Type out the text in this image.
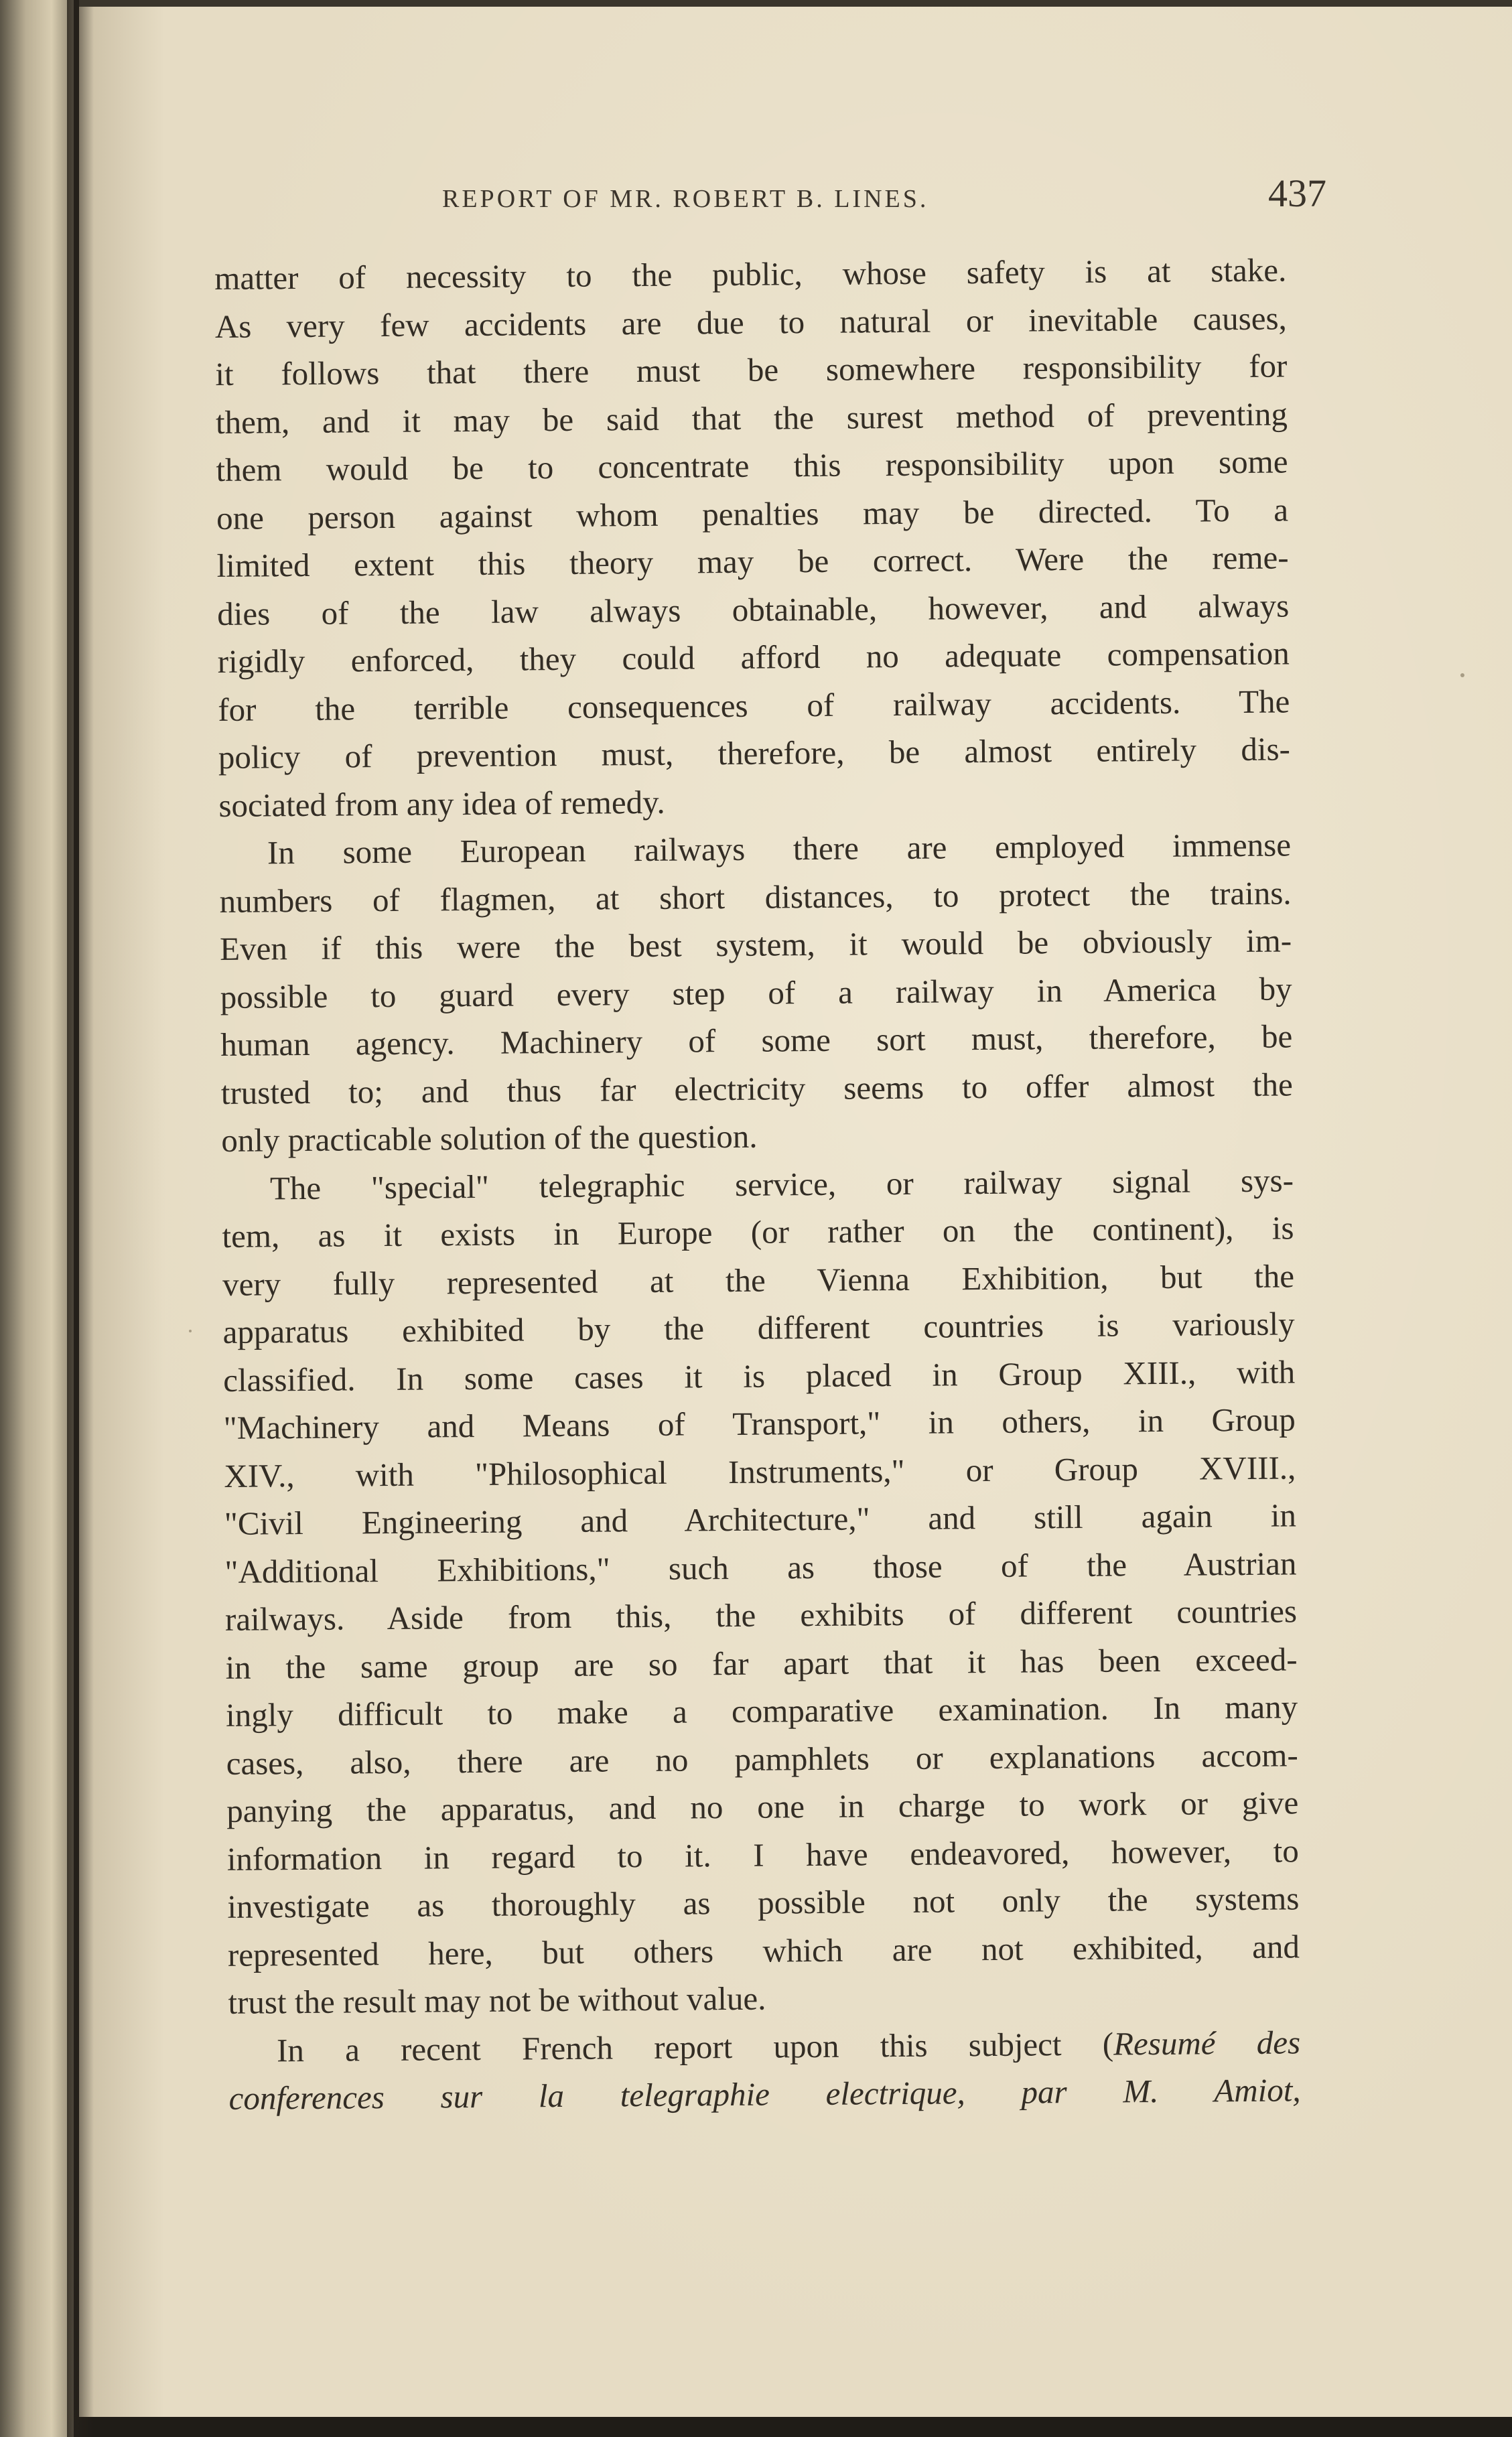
REPORT OF MR. ROBERT B. LINES.	437
matter of necessity to the public, whose safety is at stake.
As very few accidents are due to natural or inevitable causes,
it follows that there must be somewhere responsibility for
them, and it may be said that the surest method of preventing
them would be to concentrate this responsibility upon some
one person against whom penalties may be directed. To a
limited extent this theory may be correct. Were the reme-
dies of the law always obtainable, however, and always
rigidly enforced, they could afford no adequate compensation
for the terrible consequences of railway accidents. The
policy of prevention must, therefore, be almost entirely dis-
sociated from any idea of remedy.
In some European railways there are employed immense
numbers of flagmen, at short distances, to protect the trains.
Even if this were the best system, it would be obviously im-
possible to guard every step of a railway in America by
human agency. Machinery of some sort must, therefore, be
trusted to; and thus far electricity seems to offer almost the
only practicable solution of the question.
The "special" telegraphic service, or railway signal sys-
tem, as it exists in Europe (or rather on the continent), is
very fully represented at the Vienna Exhibition, but the
apparatus exhibited by the different countries is variously
classified. In some cases it is placed in Group XIII., with
"Machinery and Means of Transport," in others, in Group
XIV., with "Philosophical Instruments," or Group XVIII.,
"Civil Engineering and Architecture," and still again in
"Additional Exhibitions," such as those of the Austrian
railways. Aside from this, the exhibits of different countries
in the same group are so far apart that it has been exceed-
ingly difficult to make a comparative examination. In many
cases, also, there are no pamphlets or explanations accom-
panying the apparatus, and no one in charge to work or give
information in regard to it. I have endeavored, however, to
investigate as thoroughly as possible not only the systems
represented here, but others which are not exhibited, and
trust the result may not be without value.
In a recent French report upon this subject (Resumé des
conferences sur la telegraphie electrique, par M. Amiot,
